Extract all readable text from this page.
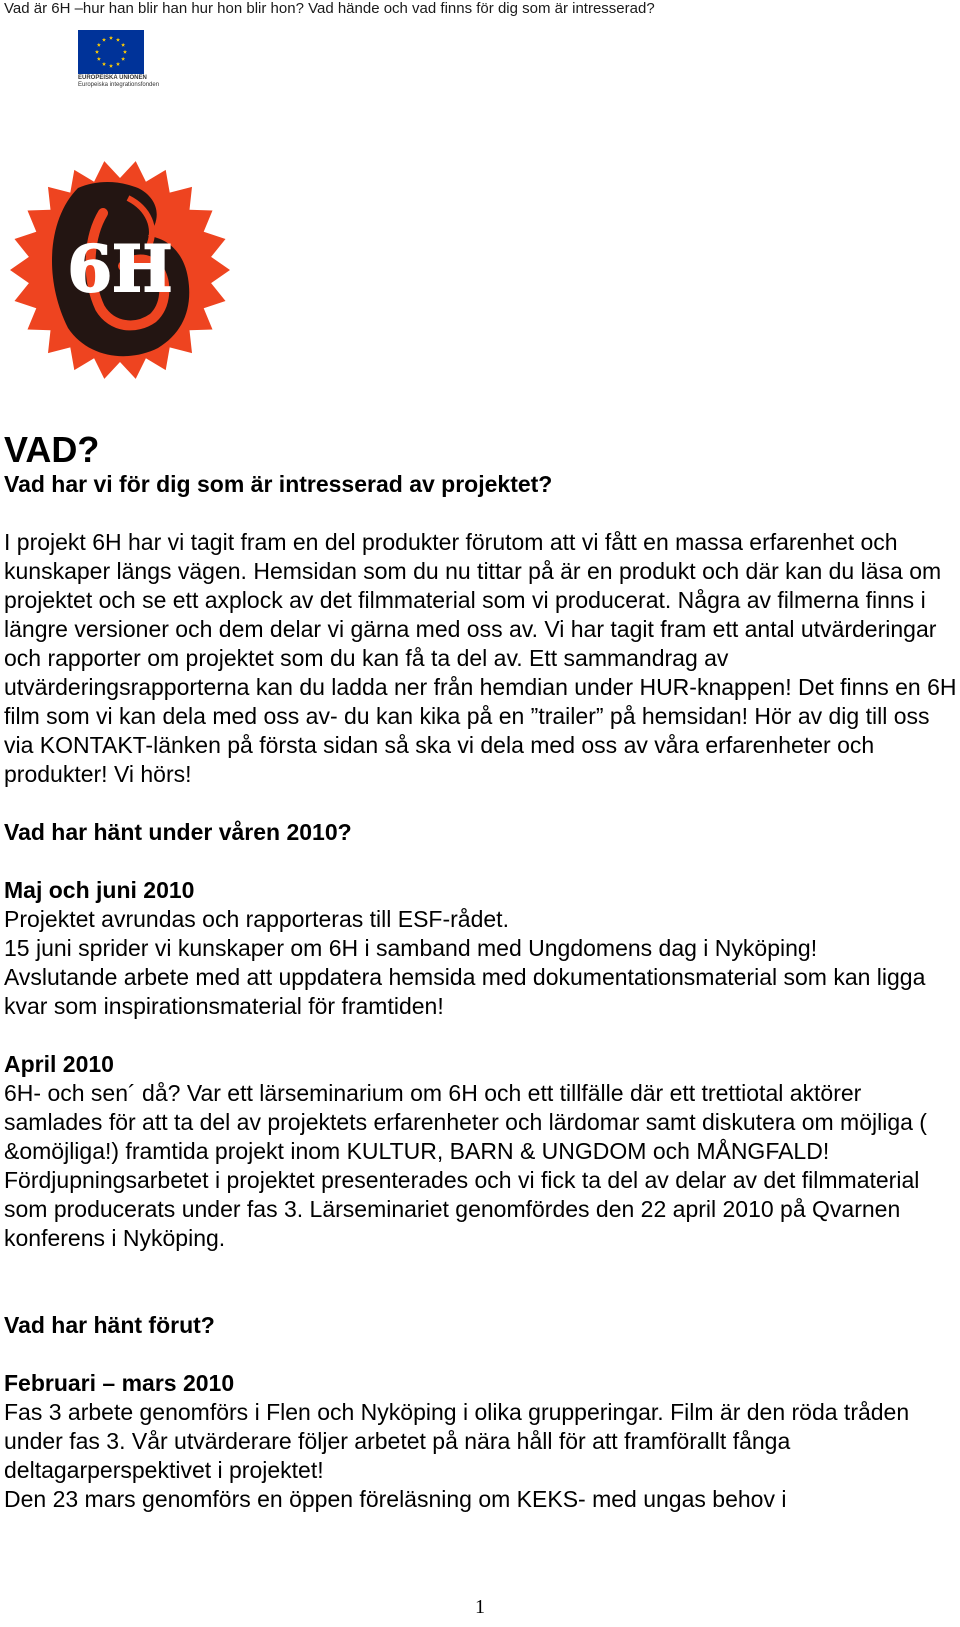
Vad är 6H –hur han blir han hur hon blir hon? Vad hände och vad finns för dig som är intresserad?
EUROPEISKA UNIONEN
Europeiska integrationsfonden
6H
VAD?
Vad har vi för dig som är intresserad av projektet?

I projekt 6H har vi tagit fram en del produkter förutom att vi fått en massa erfarenhet och kunskaper längs vägen. Hemsidan som du nu tittar på är en produkt och där kan du läsa om projektet och se ett axplock av det filmmaterial som vi producerat. Några av filmerna finns i längre versioner och dem delar vi gärna med oss av. Vi har tagit fram ett antal utvärderingar och rapporter om projektet som du kan få ta del av. Ett sammandrag av utvärderingsrapporterna kan du ladda ner från hemdian under HUR-knappen! Det finns en 6H film som vi kan dela med oss av- du kan kika på en ”trailer” på hemsidan! Hör av dig till oss via KONTAKT-länken på första sidan så ska vi dela med oss av våra erfarenheter och produkter! Vi hörs!

Vad har hänt under våren 2010?
Maj och juni 2010

Projektet avrundas och rapporteras till ESF-rådet.

15 juni sprider vi kunskaper om 6H i samband med Ungdomens dag i Nyköping!

Avslutande arbete med att uppdatera hemsida med dokumentationsmaterial som kan ligga kvar som inspirationsmaterial för framtiden!

April 2010

6H- och sen´ då? Var ett lärseminarium om 6H och ett tillfälle där ett trettiotal aktörer samlades för att ta del av projektets erfarenheter och lärdomar samt diskutera om möjliga ( &omöjliga!) framtida projekt inom KULTUR, BARN & UNGDOM och MÅNGFALD! Fördjupningsarbetet i projektet presenterades och vi fick ta del av delar av det filmmaterial som producerats under fas 3. Lärseminariet genomfördes den 22 april 2010 på Qvarnen konferens i Nyköping.

Vad har hänt förut?
Februari – mars 2010

Fas 3 arbete genomförs i Flen och Nyköping i olika grupperingar. Film är den röda tråden under fas 3. Vår utvärderare följer arbetet på nära håll för att framförallt fånga deltagarperspektivet i projektet!

Den 23 mars genomförs en öppen föreläsning om KEKS- med ungas behov i

1
